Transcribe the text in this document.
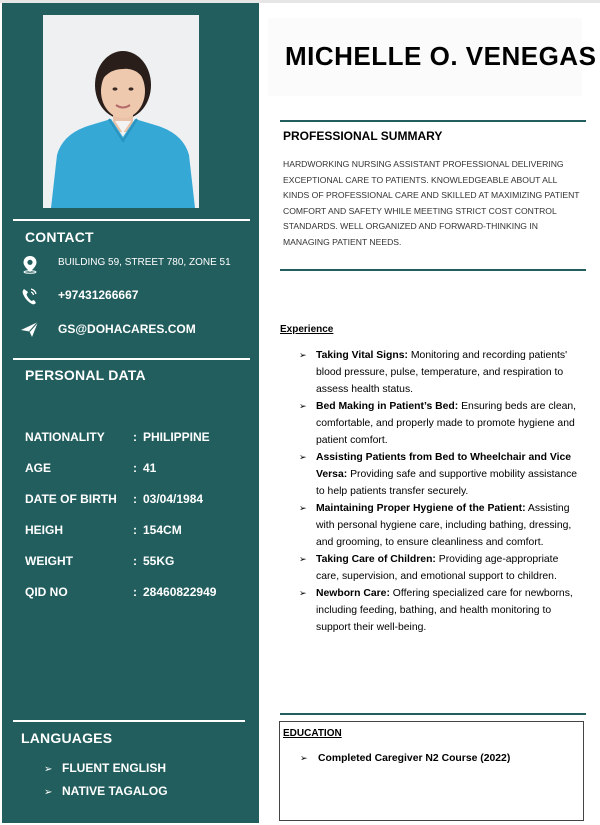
CONTACT
BUILDING 59, STREET 780, ZONE 51
+97431266667
GS@DOHACARES.COM
PERSONAL DATA
NATIONALITY : PHILIPPINE
AGE	: 41
DATE OF BIRTH : 03/04/1984
HEIGH	: 154CM
WEIGHT	: 55KG
QID NO	: 28460822949
LANGUAGES
➢ FLUENT ENGLISH
➢ NATIVE TAGALOG
MICHELLE O. VENEGAS
PROFESSIONAL SUMMARY
HARDWORKING NURSING ASSISTANT PROFESSIONAL DELIVERING EXCEPTIONAL CARE TO PATIENTS. KNOWLEDGEABLE ABOUT ALL KINDS OF PROFESSIONAL CARE AND SKILLED AT MAXIMIZING PATIENT COMFORT AND SAFETY WHILE MEETING STRICT COST CONTROL STANDARDS. WELL ORGANIZED AND FORWARD-THINKING IN MANAGING PATIENT NEEDS.
Experience
➢ Taking Vital Signs: Monitoring and recording patients' blood pressure, pulse, temperature, and respiration to assess health status.
➢ Bed Making in Patient’s Bed: Ensuring beds are clean, comfortable, and properly made to promote hygiene and patient comfort.
➢ Assisting Patients from Bed to Wheelchair and Vice Versa: Providing safe and supportive mobility assistance to help patients transfer securely.
➢ Maintaining Proper Hygiene of the Patient: Assisting with personal hygiene care, including bathing, dressing, and grooming, to ensure cleanliness and comfort.
➢ Taking Care of Children: Providing age-appropriate care, supervision, and emotional support to children.
➢ Newborn Care: Offering specialized care for newborns, including feeding, bathing, and health monitoring to support their well-being.
EDUCATION
➢ Completed Caregiver N2 Course (2022)
